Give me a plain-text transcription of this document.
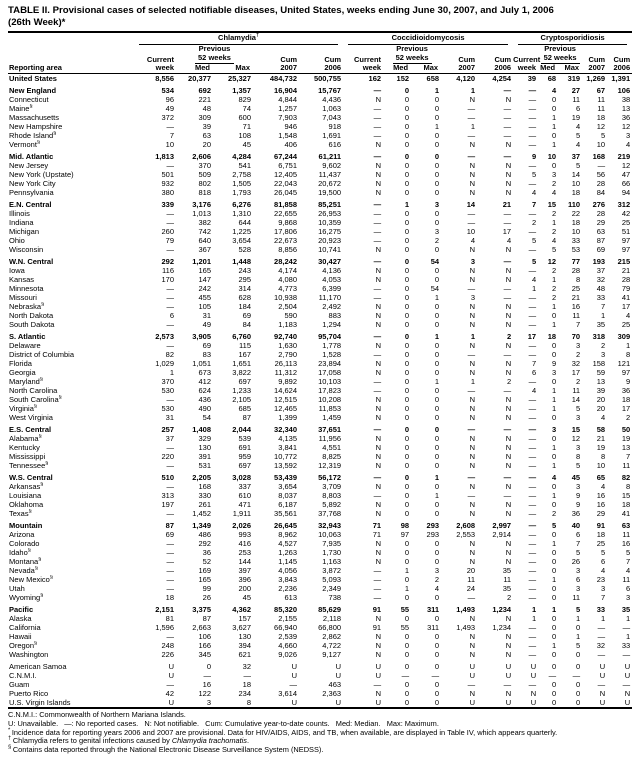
TABLE II. Provisional cases of selected notifiable diseases, United States, weeks ending June 30, 2007, and July 1, 2006
(26th Week)*
Reporting area	Chlamydia†					Coccidioidomycosis					Cryptosporidiosis				

Current
week

Previous
52 weeks	Cum
2007

Cum
2006

Current
week

Previous
52 weeks	Cum
2007

Cum
2006

Current
week

Previous
52 weeks	Cum
2007

Cum
2006

		Med	Max				Med	Max				Med	Max		
United States	8,556	20,377	25,327	484,732	500,755	162	152	658	4,120	4,254	39	68	319	1,269	1,391

New England	534	692	1,357	16,904	15,767	—	0	1	1	—	—	4	27	67	106
Connecticut	96	221	829	4,844	4,436	N	0	0	N	N	—	0	11	11	38
Maine§	49	48	74	1,257	1,063	—	0	0	—	—	—	0	6	11	13
Massachusetts	372	309	600	7,903	7,043	—	0	0	—	—	—	1	19	18	36
New Hampshire	—	39	71	946	918	—	0	1	1	—	—	1	4	12	12
Rhode Island§	7	63	108	1,548	1,691	—	0	0	—	—	—	0	5	5	3
Vermont§	10	20	45	406	616	N	0	0	N	N	—	1	4	10	4

Mid. Atlantic	1,813	2,606	4,284	67,244	61,211	—	0	0	—	—	9	10	37	168	219
New Jersey	—	370	541	6,751	9,602	N	0	0	N	N	—	0	5	—	12
New York (Upstate)	501	509	2,758	12,405	11,437	N	0	0	N	N	5	3	14	56	47
New York City	932	802	1,505	22,043	20,672	N	0	0	N	N	—	2	10	28	66
Pennsylvania	380	818	1,793	26,045	19,500	N	0	0	N	N	4	4	18	84	94

E.N. Central	339	3,176	6,276	81,858	85,251	—	1	3	14	21	7	15	110	276	312
Illinois	—	1,013	1,310	22,655	26,953	—	0	0	—	—	—	2	22	28	42
Indiana	—	382	644	9,868	10,359	—	0	0	—	—	2	1	18	29	25
Michigan	260	742	1,225	17,806	16,275	—	0	3	10	17	—	2	10	63	51
Ohio	79	640	3,654	22,673	20,923	—	0	2	4	4	5	4	33	87	97
Wisconsin	—	367	528	8,856	10,741	N	0	0	N	N	—	5	53	69	97

W.N. Central	292	1,201	1,448	28,242	30,427	—	0	54	3	—	5	12	77	193	215
Iowa	116	165	243	4,174	4,136	N	0	0	N	N	—	2	28	37	21
Kansas	170	147	295	4,080	4,053	N	0	0	N	N	4	1	8	32	28
Minnesota	—	242	314	4,773	6,399	—	0	54	—	—	1	2	25	48	79
Missouri	—	455	628	10,938	11,170	—	0	1	3	—	—	2	21	33	41
Nebraska§	—	105	184	2,504	2,492	N	0	0	N	N	—	1	16	7	17
North Dakota	6	31	69	590	883	N	0	0	N	N	—	0	11	1	4
South Dakota	—	49	84	1,183	1,294	N	0	0	N	N	—	1	7	35	25

S. Atlantic	2,573	3,905	6,760	92,740	95,704	—	0	1	1	2	17	18	70	318	309
Delaware	—	69	115	1,630	1,778	N	0	0	N	N	—	0	3	2	1
District of Columbia	82	83	167	2,790	1,528	—	0	0	—	—	—	0	2	3	8
Florida	1,029	1,051	1,651	26,113	23,894	N	0	0	N	N	7	9	32	158	121
Georgia	1	673	3,822	11,312	17,058	N	0	0	N	N	6	3	17	59	97
Maryland§	370	412	697	9,892	10,103	—	0	1	1	2	—	0	2	13	9
North Carolina	530	624	1,233	14,624	17,823	—	0	0	—	—	4	1	11	39	36
South Carolina§	—	436	2,105	12,515	10,208	N	0	0	N	N	—	1	14	20	18
Virginia§	530	490	685	12,465	11,853	N	0	0	N	N	—	1	5	20	17
West Virginia	31	54	87	1,399	1,459	N	0	0	N	N	—	0	3	4	2

E.S. Central	257	1,408	2,044	32,340	37,651	—	0	0	—	—	—	3	15	58	50
Alabama§	37	329	539	4,135	11,956	N	0	0	N	N	—	0	12	21	19
Kentucky	—	130	691	3,841	4,551	N	0	0	N	N	—	1	3	19	13
Mississippi	220	391	959	10,772	8,825	N	0	0	N	N	—	0	8	8	7
Tennessee§	—	531	697	13,592	12,319	N	0	0	N	N	—	1	5	10	11

W.S. Central	510	2,205	3,028	53,439	56,172	—	0	1	—	—	—	4	45	65	82
Arkansas§	—	168	337	3,654	3,709	N	0	0	N	N	—	0	3	4	8
Louisiana	313	330	610	8,037	8,803	—	0	1	—	—	—	1	9	16	15
Oklahoma	197	261	471	6,187	5,892	N	0	0	N	N	—	0	9	16	18
Texas§	—	1,452	1,911	35,561	37,768	N	0	0	N	N	—	2	36	29	41

Mountain	87	1,349	2,026	26,645	32,943	71	98	293	2,608	2,997	—	5	40	91	63
Arizona	69	486	993	8,962	10,063	71	97	293	2,553	2,914	—	0	6	18	11
Colorado	—	292	416	4,527	7,935	N	0	0	N	N	—	1	7	25	16
Idaho§	—	36	253	1,263	1,730	N	0	0	N	N	—	0	5	5	5
Montana§	—	52	144	1,145	1,163	N	0	0	N	N	—	0	26	6	7
Nevada§	—	169	397	4,056	3,872	—	1	3	20	35	—	0	3	4	4
New Mexico§	—	165	396	3,843	5,093	—	0	2	11	11	—	1	6	23	11
Utah	—	99	200	2,236	2,349	—	1	4	24	35	—	0	3	3	6
Wyoming§	18	26	45	613	738	—	0	0	—	2	—	0	11	7	3

Pacific	2,151	3,375	4,362	85,320	85,629	91	55	311	1,493	1,234	1	1	5	33	35
Alaska	81	87	157	2,155	2,118	N	0	0	N	N	1	0	1	1	1
California	1,596	2,663	3,627	66,940	66,800	91	55	311	1,493	1,234	—	0	0	—	—
Hawaii	—	106	130	2,539	2,862	N	0	0	N	N	—	0	1	—	1
Oregon§	248	166	394	4,660	4,722	N	0	0	N	N	—	1	5	32	33
Washington	226	345	621	9,026	9,127	N	0	0	N	N	—	0	0	—	—

American Samoa	U	0	32	U	U	U	0	0	U	U	U	0	0	U	U
C.N.M.I.	U	—	—	U	U	U	—	—	U	U	U	—	—	U	U
Guam	—	16	18	—	463	—	0	0	—	—	—	0	0	—	—
Puerto Rico	42	122	234	3,614	2,363	N	0	0	N	N	N	0	0	N	N
U.S. Virgin Islands	U	3	8	U	U	U	0	0	U	U	U	0	0	U	U
C.N.M.I.: Commonwealth of Northern Mariana Islands.
U: Unavailable.   —: No reported cases.   N: Not notifiable.   Cum: Cumulative year-to-date counts.   Med: Median.   Max: Maximum.
* Incidence data for reporting years 2006 and 2007 are provisional. Data for HIV/AIDS, AIDS, and TB, when available, are displayed in Table IV, which appears quarterly.
† Chlamydia refers to genital infections caused by Chlamydia trachomatis.
§ Contains data reported through the National Electronic Disease Surveillance System (NEDSS).
